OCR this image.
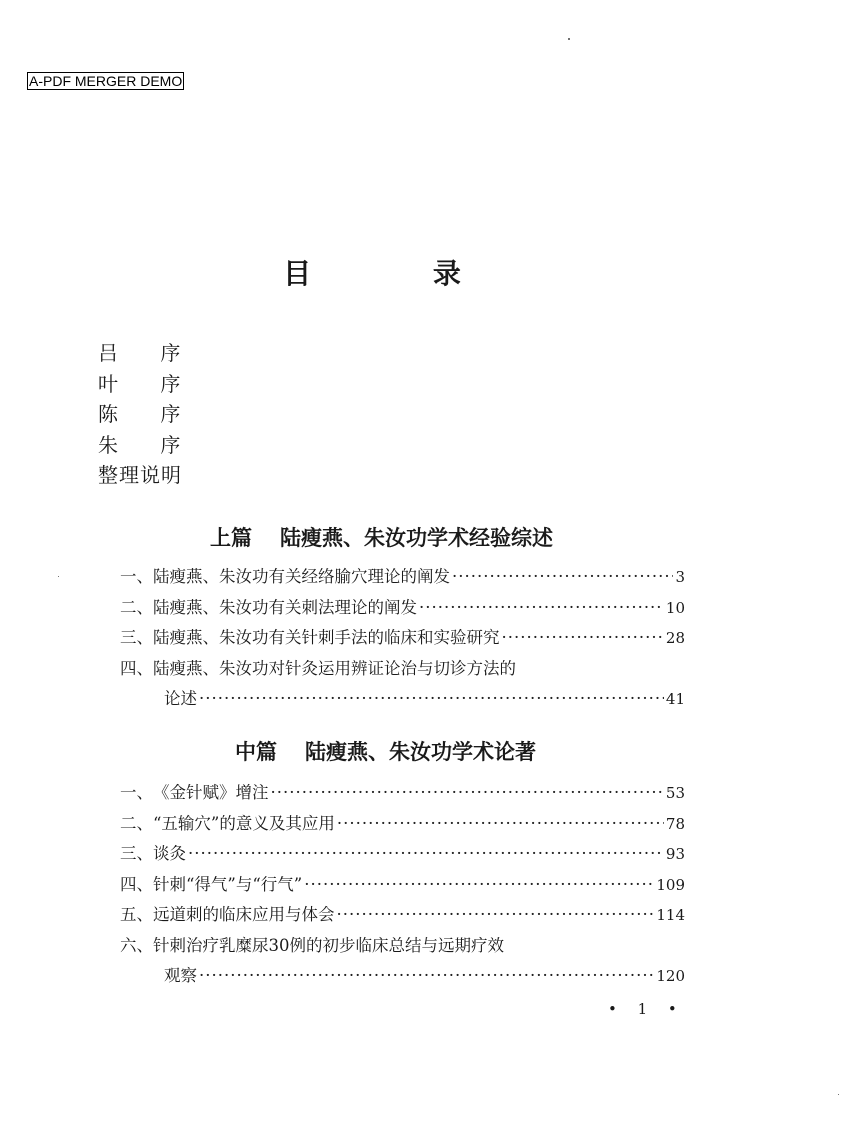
A-PDF MERGER DEMO
目 录
吕 序
叶 序
陈 序
朱 序
整理说明
上篇 陆瘦燕、朱汝功学术经验综述
一、 陆瘦燕、朱汝功有关经络腧穴理论的阐发 ·····	3
二、 陆瘦燕、朱汝功有关刺法理论的阐发 ·····	10
三、 陆瘦燕、朱汝功有关针刺手法的临床和实验研究 ·····	28
四、 陆瘦燕、朱汝功对针灸运用辨证论治与切诊方法的
论述 ·····	41
中篇 陆瘦燕、朱汝功学术论著
一、 《金针赋》增注 ·····	53
二、 “五输穴”的意义及其应用 ·····	78
三、 谈灸 ·····	93
四、 针刺“得气”与“行气” ·····	109
五、 远道刺的临床应用与体会 ·····	114
六、 针刺治疗乳糜尿30例的初步临床总结与远期疗效
观察 ·····	120
• 1 •
